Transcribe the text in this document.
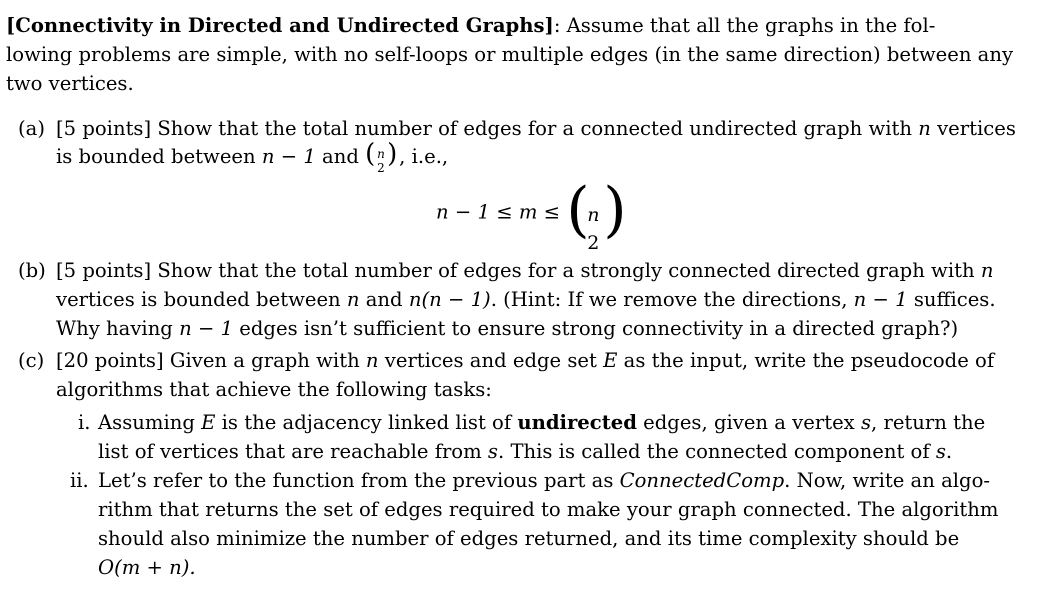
[Connectivity in Directed and Undirected Graphs]: Assume that all the graphs in the fol-
lowing problems are simple, with no self-loops or multiple edges (in the same direction) between any
two vertices.
(a) [5 points] Show that the total number of edges for a connected undirected graph with n vertices
is bounded between n − 1 and ( n
2 ) , i.e.,
n − 1 ≤ m ≤ (
n
2 )
(b) [5 points] Show that the total number of edges for a strongly connected directed graph with n
vertices is bounded between n and n(n − 1). (Hint: If we remove the directions, n − 1 suffices.
Why having n − 1 edges isn’t sufficient to ensure strong connectivity in a directed graph?)
(c) [20 points] Given a graph with n vertices and edge set E as the input, write the pseudocode of
algorithms that achieve the following tasks:
i. Assuming E is the adjacency linked list of undirected edges, given a vertex s, return the
list of vertices that are reachable from s. This is called the connected component of s.
ii. Let’s refer to the function from the previous part as ConnectedComp. Now, write an algo-
rithm that returns the set of edges required to make your graph connected. The algorithm
should also minimize the number of edges returned, and its time complexity should be
O(m + n).
